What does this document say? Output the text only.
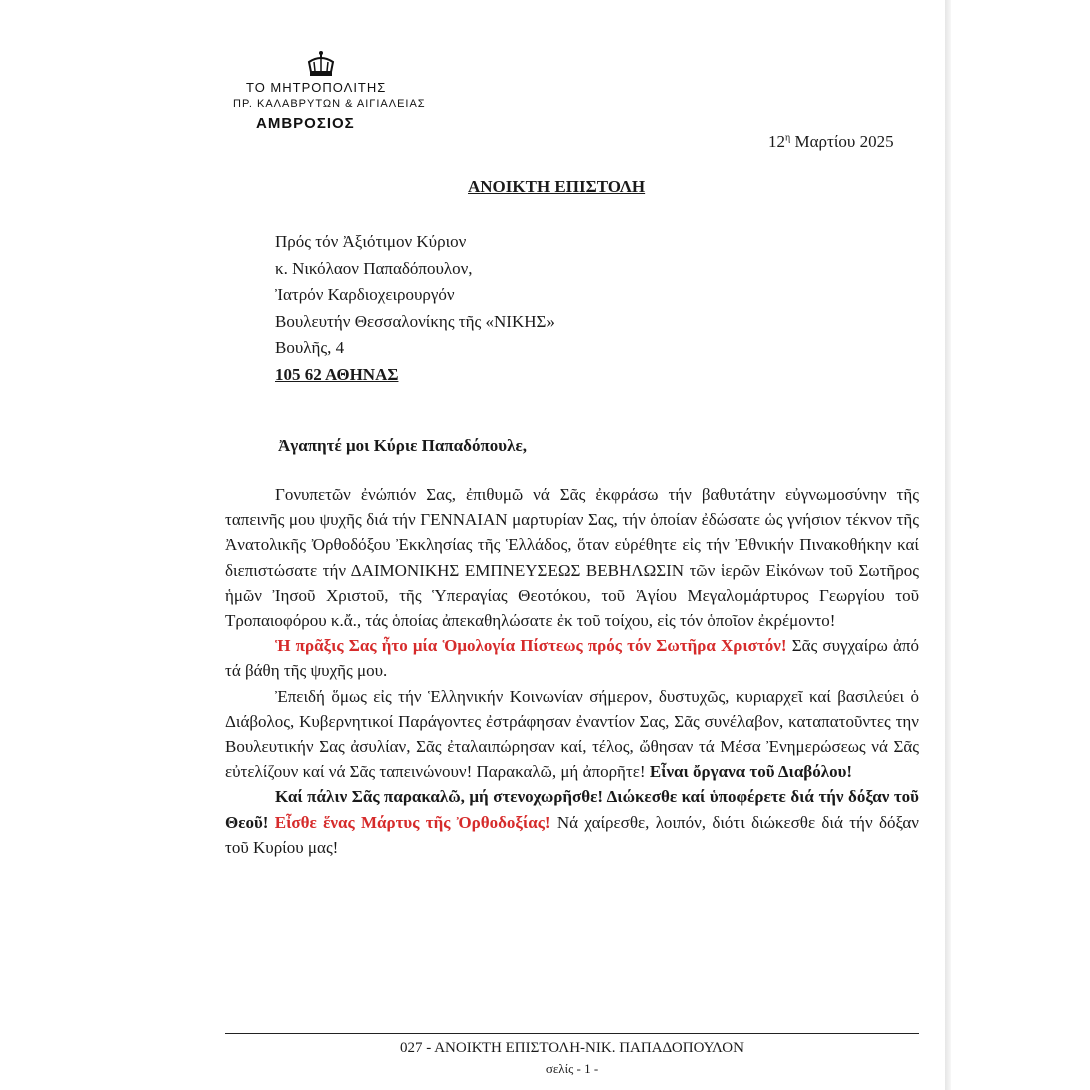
ΤΟ ΜΗΤΡΟΠΟΛΙΤΗΣ
ΠΡ. ΚΑΛΑΒΡΥΤΩΝ & ΑΙΓΙΑΛΕΙΑΣ
ΑΜΒΡΟΣΙΟΣ
$12^\eta$ Μαρτίου 2025
ΑΝΟΙΚΤΗ ΕΠΙΣΤΟΛΗ
Πρός τόν Ἀξιότιμον Κύριον
κ. Νικόλαον Παπαδόπουλον,
Ἰατρόν Καρδιοχειρουργόν
Βουλευτήν Θεσσαλονίκης τῆς «ΝΙΚΗΣ»
Βουλῆς, 4
105 62 ΑΘΗΝΑΣ
Ἀγαπητέ μοι Κύριε Παπαδόπουλε,

Γονυπετῶν ἐνώπιόν Σας, ἐπιθυμῶ νά Σᾶς ἐκφράσω τήν βαθυτάτην εὐγνωμοσύνην τῆς ταπεινῆς μου ψυχῆς διά τήν ΓΕΝΝΑΙΑΝ μαρτυρίαν Σας, τήν ὁποίαν ἐδώσατε ὡς γνήσιον τέκνον τῆς Ἀνατολικῆς Ὀρθοδόξου Ἐκκλησίας τῆς Ἑλλάδος, ὅταν εὑρέθητε εἰς τήν Ἐθνικήν Πινακοθήκην καί διεπιστώσατε τήν ΔΑΙΜΟΝΙΚΗΣ ΕΜΠΝΕΥΣΕΩΣ ΒΕΒΗΛΩΣΙΝ τῶν ἱερῶν Εἰκόνων τοῦ Σωτῆρος ἡμῶν Ἰησοῦ Χριστοῦ, τῆς Ὑπεραγίας Θεοτόκου, τοῦ Ἁγίου Μεγαλομάρτυρος Γεωργίου τοῦ Τροπαιοφόρου κ.ἄ., τάς ὁποίας ἀπεκαθηλώσατε ἐκ τοῦ τοίχου, εἰς τόν ὁποῖον ἐκρέμοντο!

Ἡ πρᾶξις Σας ἦτο μία Ὁμολογία Πίστεως πρός τόν Σωτῆρα Χριστόν! Σᾶς συγχαίρω ἀπό τά βάθη τῆς ψυχῆς μου.

Ἐπειδή ὅμως εἰς τήν Ἑλληνικήν Κοινωνίαν σήμερον, δυστυχῶς, κυριαρχεῖ καί βασιλεύει ὁ Διάβολος, Κυβερνητικοί Παράγοντες ἐστράφησαν ἐναντίον Σας, Σᾶς συνέλαβον, καταπατοῦντες την Βουλευτικήν Σας ἀσυλίαν, Σᾶς ἐταλαιπώρησαν καί, τέλος, ὤθησαν τά Μέσα Ἐνημερώσεως νά Σᾶς εὐτελίζουν καί νά Σᾶς ταπεινώνουν! Παρακαλῶ, μή ἀπορῆτε! Εἶναι ὄργανα τοῦ Διαβόλου!

Καί πάλιν Σᾶς παρακαλῶ, μή στενοχωρῆσθε! Διώκεσθε καί ὑποφέρετε διά τήν δόξαν τοῦ Θεοῦ! Εἶσθε ἕνας Μάρτυς τῆς Ὀρθοδοξίας! Νά χαίρεσθε, λοιπόν, διότι διώκεσθε διά τήν δόξαν τοῦ Κυρίου μας!

027 - ΑΝΟΙΚΤΗ ΕΠΙΣΤΟΛΗ-ΝΙΚ. ΠΑΠΑΔΟΠΟΥΛΟΝ
σελίς - 1 -
